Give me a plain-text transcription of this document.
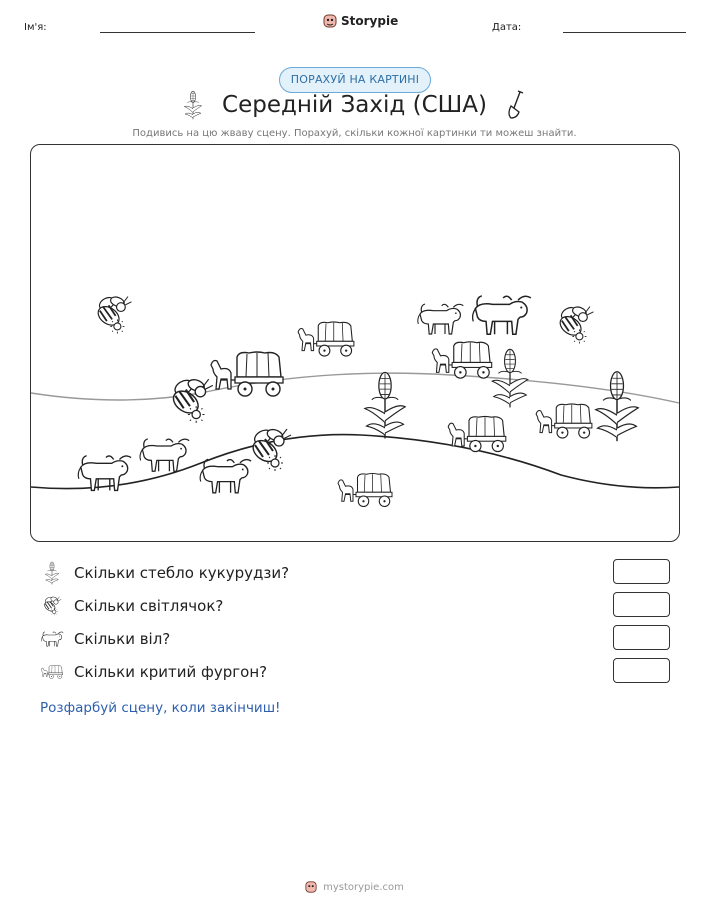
Ім'я:	Storypie	Дата:
ПОРАХУЙ НА КАРТИНІ
Середній Захід (США)
Подивись на цю жваву сцену. Порахуй, скільки кожної картинки ти можеш знайти.
Скільки стебло кукурудзи?
Скільки світлячок?
Скільки віл?
Скільки критий фургон?
Розфарбуй сцену, коли закінчиш!
mystorypie.com
